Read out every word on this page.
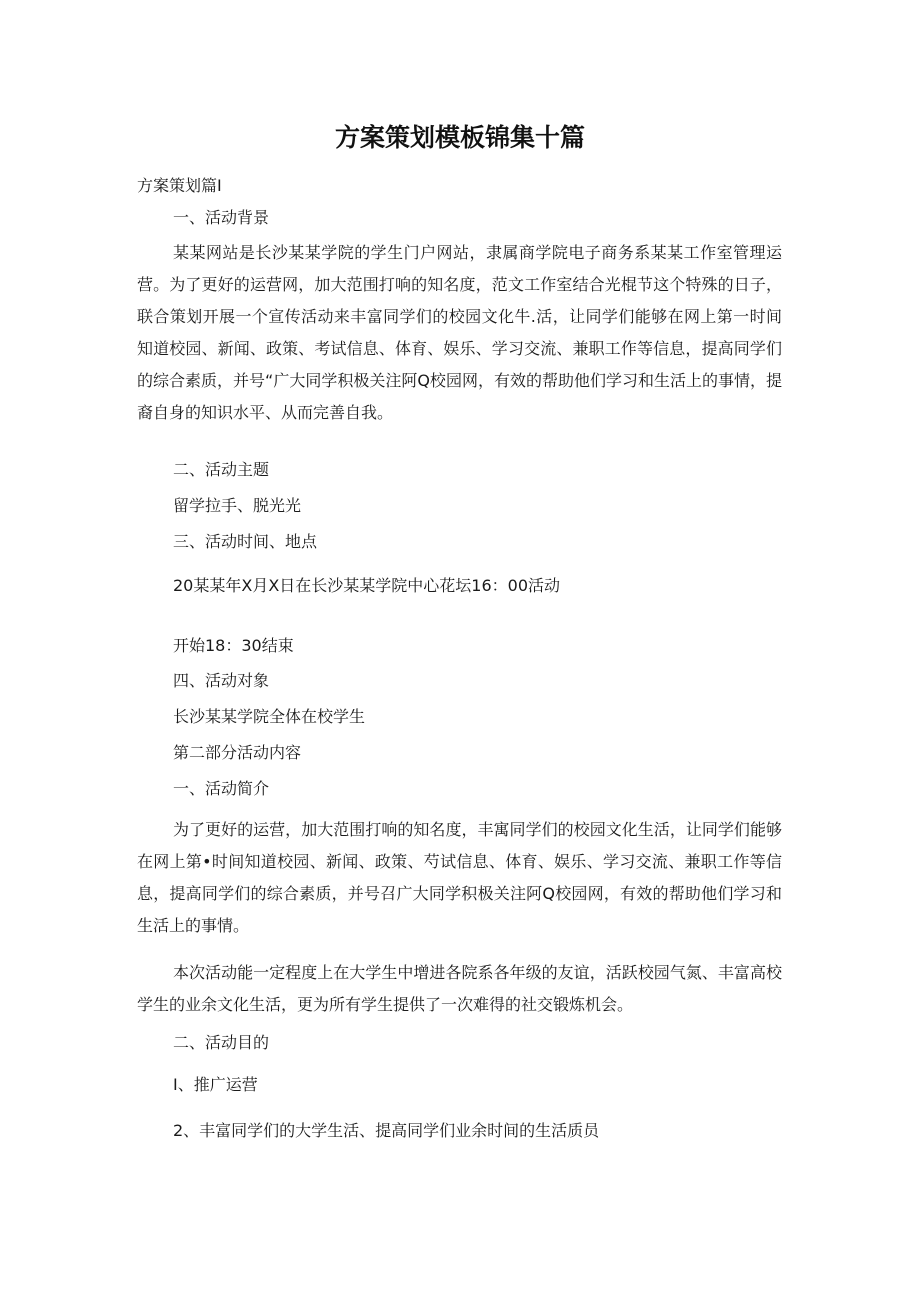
方案策划模板锦集十篇
方案策划篇I
一、活动背景

某某网站是长沙某某学院的学生门户网站，隶属商学院电子商务系某某工作室管理运营。为了更好的运营网，加大范围打响的知名度，范文工作室结合光棍节这个特殊的日子，联合策划开展一个宣传活动来丰富同学们的校园文化牛.活，让同学们能够在网上第一时间知道校园、新闻、政策、考试信息、体育、娱乐、学习交流、兼职工作等信息，提高同学们的综合素质，并号“广大同学积极关注阿Q校园网，有效的帮助他们学习和生活上的事情，提裔自身的知识水平、从而完善自我。

二、活动主题
留学拉手、脱光光
三、活动时间、地点
20某某年X月X日在长沙某某学院中心花坛16：00活动
开始18：30结束
四、活动对象
长沙某某学院全体在校学生
第二部分活动内容
一、活动简介

为了更好的运营，加大范围打响的知名度，丰寓同学们的校园文化生活，让同学们能够在网上第•时间知道校园、新闻、政策、芍试信息、体育、娱乐、学习交流、兼职工作等信息，提高同学们的综合素质，并号召广大同学积极关注阿Q校园网，有效的帮助他们学习和生活上的事情。

本次活动能一定程度上在大学生中增进各院系各年级的友谊，活跃校园气氮、丰富高校学生的业余文化生活，更为所有学生提供了一次难得的社交锻炼机会。

二、活动目的
I、推广运营
2、丰富同学们的大学生活、提高同学们业余时间的生活质员
